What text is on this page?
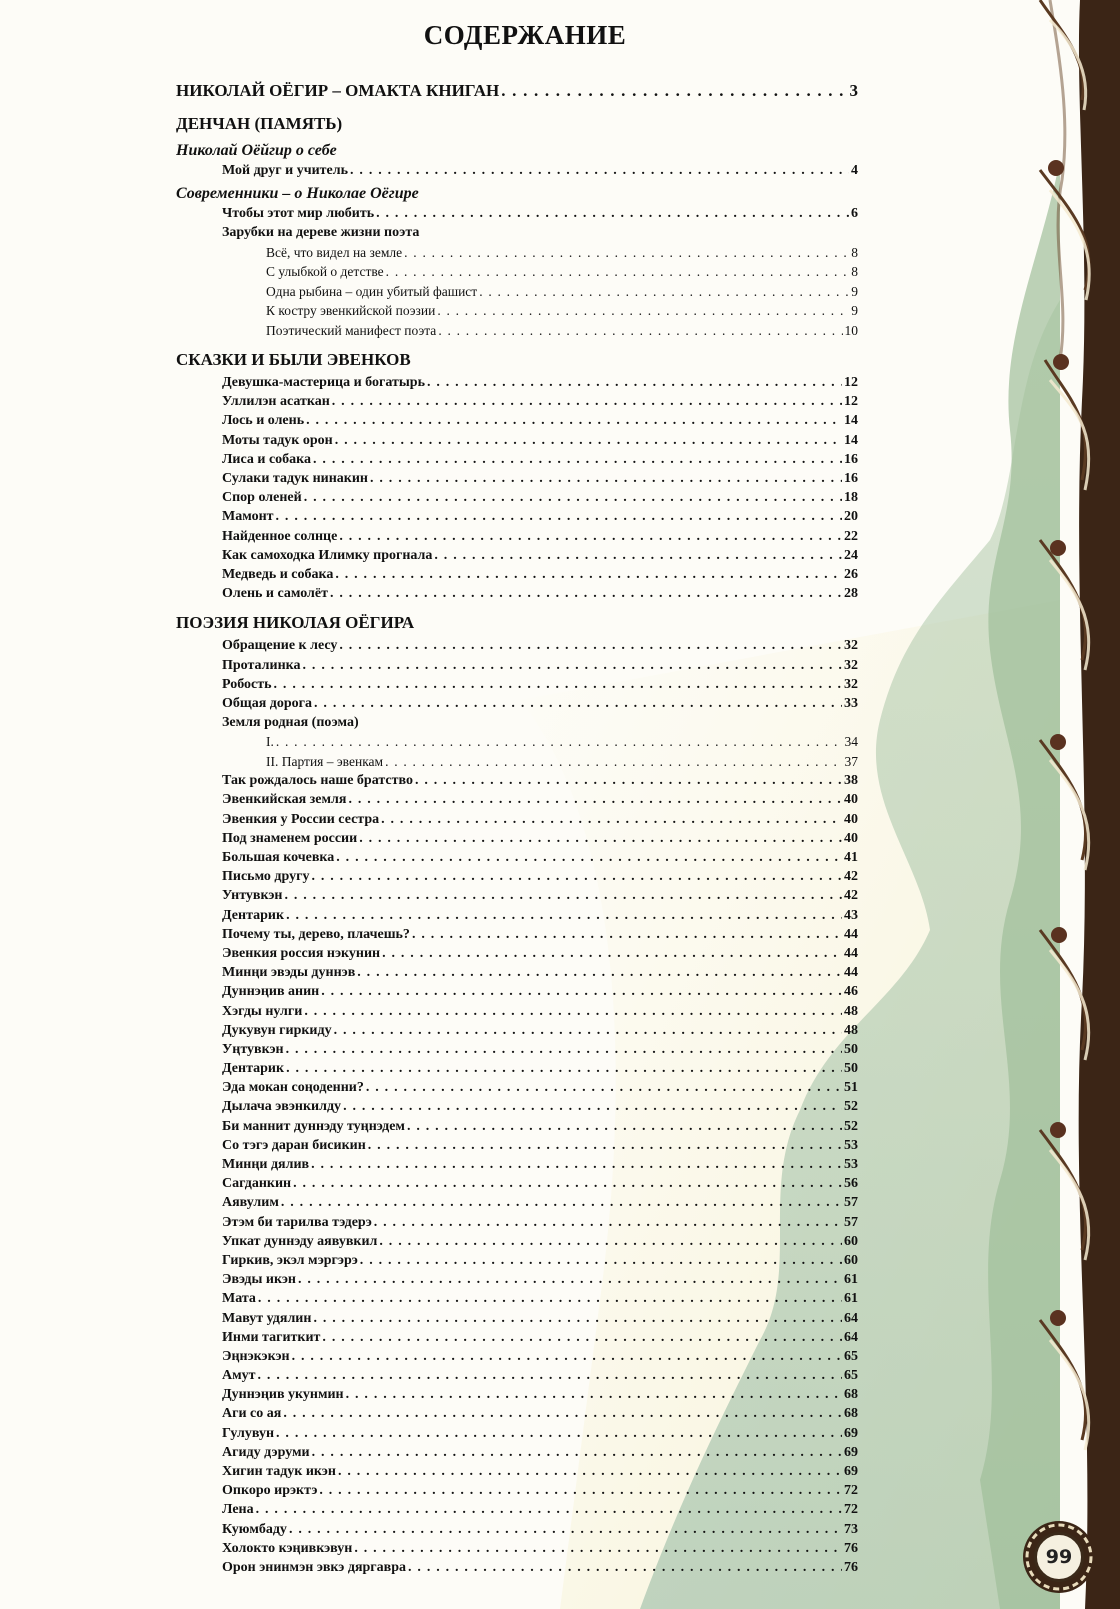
СОДЕРЖАНИЕ
НИКОЛАЙ ОЁГИР – ОМАКТА КНИГАН . . .	3
ДЕНЧАН (ПАМЯТЬ)
Николай Оёйгир о себе
Мой друг и учитель . . .	4
Современники – о Николае Оёгире
Чтобы этот мир любить . . .	6
Зарубки на дереве жизни поэта
Всё, что видел на земле . . .	8
С улыбкой о детстве . . .	8
Одна рыбина – один убитый фашист . . .	9
К костру эвенкийской поэзии . . .	9
Поэтический манифест поэта . . .	10
СКАЗКИ И БЫЛИ ЭВЕНКОВ
Девушка-мастерица и богатырь . . .	12
Уллилэн асаткан . . .	12
Лось и олень . . .	14
Моты тадук орон . . .	14
Лиса и собака . . .	16
Сулаки тадук нинакин . . .	16
Спор оленей . . .	18
Мамонт . . .	20
Найденное солнце . . .	22
Как самоходка Илимку прогнала . . .	24
Медведь и собака . . .	26
Олень и самолёт . . .	28
ПОЭЗИЯ НИКОЛАЯ ОЁГИРА
Обращение к лесу . . .	32
Проталинка . . .	32
Робость . . .	32
Общая дорога . . .	33
Земля родная (поэма)
I. . . .	34
II. Партия – эвенкам . . .	37
Так рождалось наше братство . . .	38
Эвенкийская земля . . .	40
Эвенкия у России сестра . . .	40
Под знаменем россии . . .	40
Большая кочевка . . .	41
Письмо другу . . .	42
Унтувкэн . . .	42
Дентарик . . .	43
Почему ты, дерево, плачешь? . . .	44
Эвенкия россия нэкунин . . .	44
Минңи эвэды дуннэв . . .	44
Дуннэңив анин . . .	46
Хэгды нулги . . .	48
Дукувун гиркиду . . .	48
Уңтувкэн . . .	50
Дентарик . . .	50
Эда мокан соңоденни? . . .	51
Дылача эвэнкилду . . .	52
Би маннит дуннэду туңнэдем . . .	52
Со тэгэ даран бисикин . . .	53
Минңи дялив . . .	53
Сагданкин . . .	56
Аявулим . . .	57
Этэм би тарилва тэдерэ . . .	57
Упкат дуннэду аявувкил . . .	60
Гиркив, экэл мэргэрэ . . .	60
Эвэды икэн . . .	61
Мата . . .	61
Мавут удялин . . .	64
Инми тагиткит . . .	64
Эңнэкэкэн . . .	65
Амут . . .	65
Дуннэңив укунмин . . .	68
Аги со ая . . .	68
Гулувун . . .	69
Агиду дэруми . . .	69
Хигин тадук икэн . . .	69
Опкоро ирэктэ . . .	72
Лена . . .	72
Куюмбаду . . .	73
Холокто кэңивкэвун . . .	76
Орон энинмэн эвкэ дяргавра . . .	76	99
